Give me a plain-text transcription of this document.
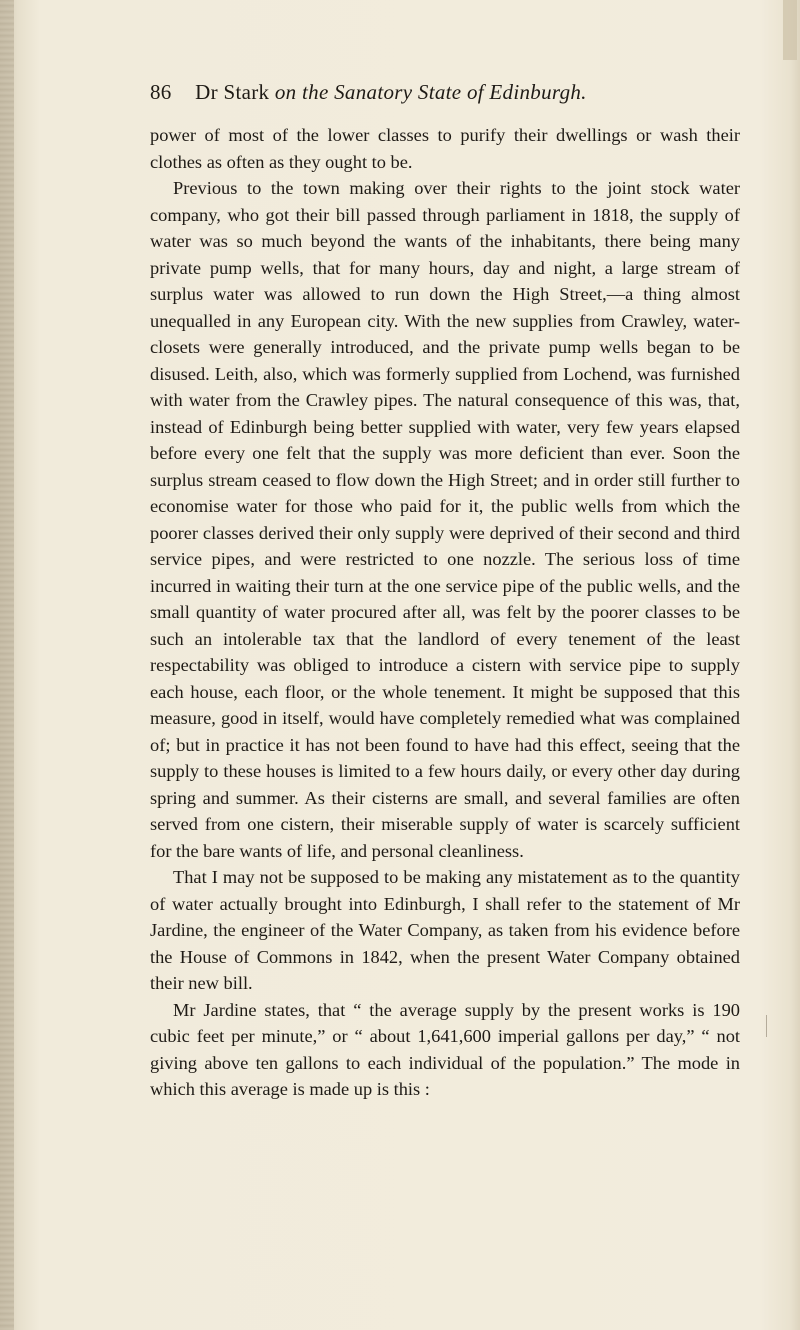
86 Dr Stark on the Sanatory State of Edinburgh.

power of most of the lower classes to purify their dwellings or wash their clothes as often as they ought to be.

Previous to the town making over their rights to the joint stock water company, who got their bill passed through parliament in 1818, the supply of water was so much beyond the wants of the inhabitants, there being many private pump wells, that for many hours, day and night, a large stream of surplus water was allowed to run down the High Street,—a thing almost unequalled in any European city. With the new supplies from Crawley, water-closets were generally introduced, and the private pump wells began to be disused. Leith, also, which was formerly supplied from Lochend, was furnished with water from the Crawley pipes. The natural consequence of this was, that, instead of Edinburgh being better supplied with water, very few years elapsed before every one felt that the supply was more deficient than ever. Soon the surplus stream ceased to flow down the High Street; and in order still further to economise water for those who paid for it, the public wells from which the poorer classes derived their only supply were deprived of their second and third service pipes, and were restricted to one nozzle. The serious loss of time incurred in waiting their turn at the one service pipe of the public wells, and the small quantity of water procured after all, was felt by the poorer classes to be such an intolerable tax that the landlord of every tenement of the least respectability was obliged to introduce a cistern with service pipe to supply each house, each floor, or the whole tenement. It might be supposed that this measure, good in itself, would have completely remedied what was complained of; but in practice it has not been found to have had this effect, seeing that the supply to these houses is limited to a few hours daily, or every other day during spring and summer. As their cisterns are small, and several families are often served from one cistern, their miserable supply of water is scarcely sufficient for the bare wants of life, and personal cleanliness.

That I may not be supposed to be making any mistatement as to the quantity of water actually brought into Edinburgh, I shall refer to the statement of Mr Jardine, the engineer of the Water Company, as taken from his evidence before the House of Commons in 1842, when the present Water Company obtained their new bill.

Mr Jardine states, that “ the average supply by the present works is 190 cubic feet per minute,” or “ about 1,641,600 imperial gallons per day,” “ not giving above ten gallons to each individual of the population.” The mode in which this average is made up is this :
